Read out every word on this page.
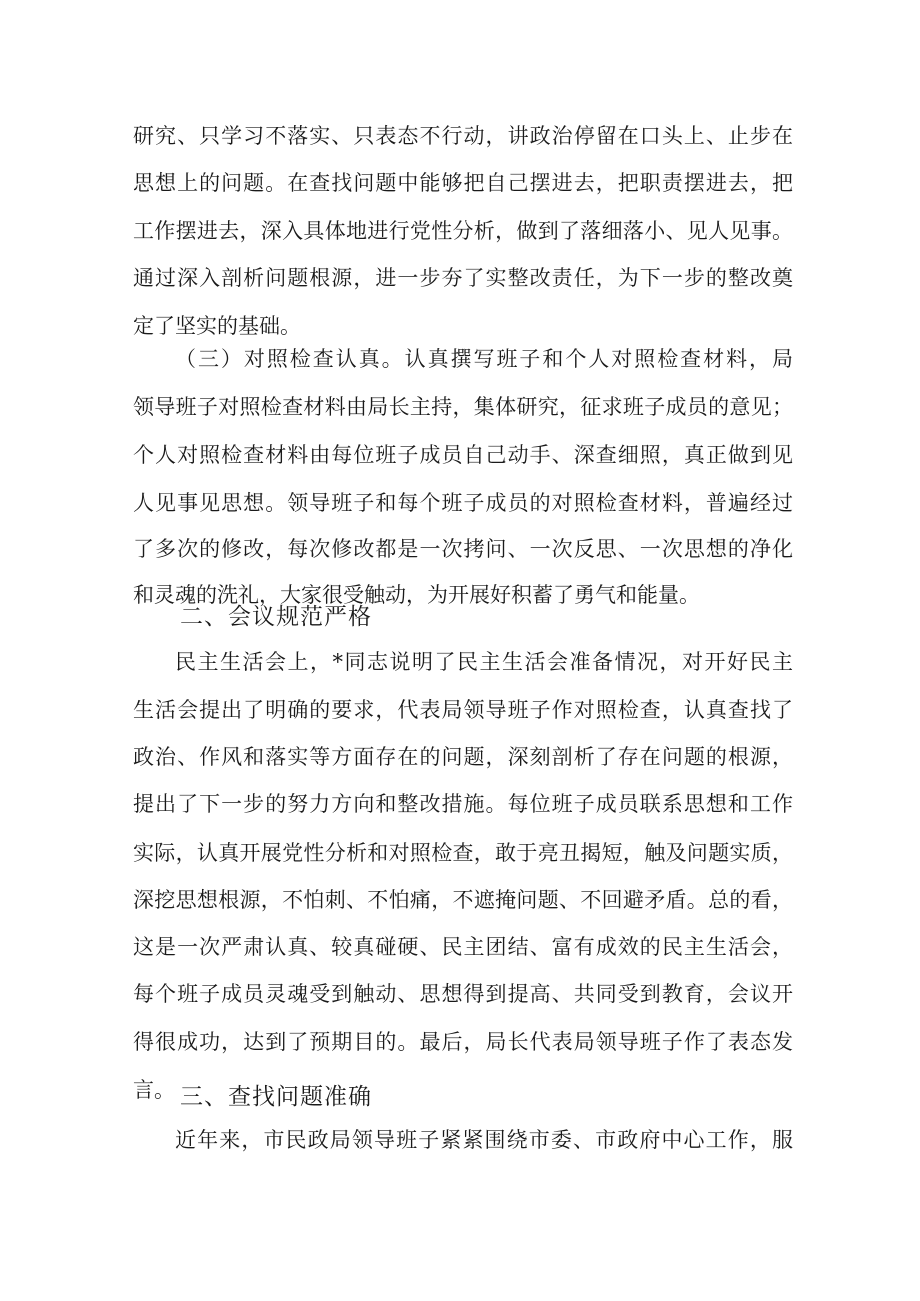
研究、只学习不落实、只表态不行动，讲政治停留在口头上、止步在
思想上的问题。在查找问题中能够把自己摆进去，把职责摆进去，把
工作摆进去，深入具体地进行党性分析，做到了落细落小、见人见事。
通过深入剖析问题根源，进一步夯了实整改责任，为下一步的整改奠
定了坚实的基础。
（三）对照检查认真。认真撰写班子和个人对照检查材料，局
领导班子对照检查材料由局长主持，集体研究，征求班子成员的意见；
个人对照检查材料由每位班子成员自己动手、深查细照，真正做到见
人见事见思想。领导班子和每个班子成员的对照检查材料，普遍经过
了多次的修改，每次修改都是一次拷问、一次反思、一次思想的净化
和灵魂的洗礼，大家很受触动，为开展好积蓄了勇气和能量。
二、会议规范严格
民主生活会上，*同志说明了民主生活会准备情况，对开好民主
生活会提出了明确的要求，代表局领导班子作对照检查，认真查找了
政治、作风和落实等方面存在的问题，深刻剖析了存在问题的根源，
提出了下一步的努力方向和整改措施。每位班子成员联系思想和工作
实际，认真开展党性分析和对照检查，敢于亮丑揭短，触及问题实质，
深挖思想根源，不怕刺、不怕痛，不遮掩问题、不回避矛盾。总的看，
这是一次严肃认真、较真碰硬、民主团结、富有成效的民主生活会，
每个班子成员灵魂受到触动、思想得到提高、共同受到教育，会议开
得很成功，达到了预期目的。最后，局长代表局领导班子作了表态发
言。 三、查找问题准确
近年来，市民政局领导班子紧紧围绕市委、市政府中心工作，服
